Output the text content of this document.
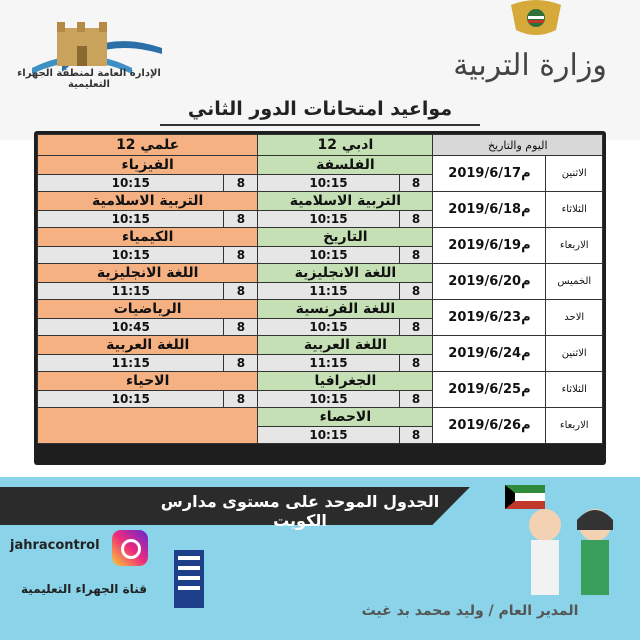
الإدارة العامة لمنطقة الجهراء التعليمية
وزارة التربية
مواعيد امتحانات الدور الثاني
12 علمي		12 ادبي		اليوم والتاريخ	
الفيزياء		الفلسفة		2019/6/17م	الاثنين
10:15	8	10:15	8		
التربية الاسلامية		التربية الاسلامية		2019/6/18م	الثلاثاء
10:15	8	10:15	8		
الكيمياء		التاريخ		2019/6/19م	الاربعاء
10:15	8	10:15	8		
اللغة الانجليزية		اللغة الانجليزية		2019/6/20م	الخميس
11:15	8	11:15	8		
الرياضيات		اللغة الفرنسية		2019/6/23م	الاحد
10:45	8	10:15	8		
اللغة العربية		اللغة العربية		2019/6/24م	الاثنين
11:15	8	11:15	8		
الاحياء		الجغرافيا		2019/6/25م	الثلاثاء
10:15	8	10:15	8		
		الاحصاء		2019/6/26م	الاربعاء
		10:15	8		
الجدول الموحد على مستوى مدارس الكويت
jahracontrol
قناة الجهراء التعليمية
المدير العام / وليد محمد بد غيث
